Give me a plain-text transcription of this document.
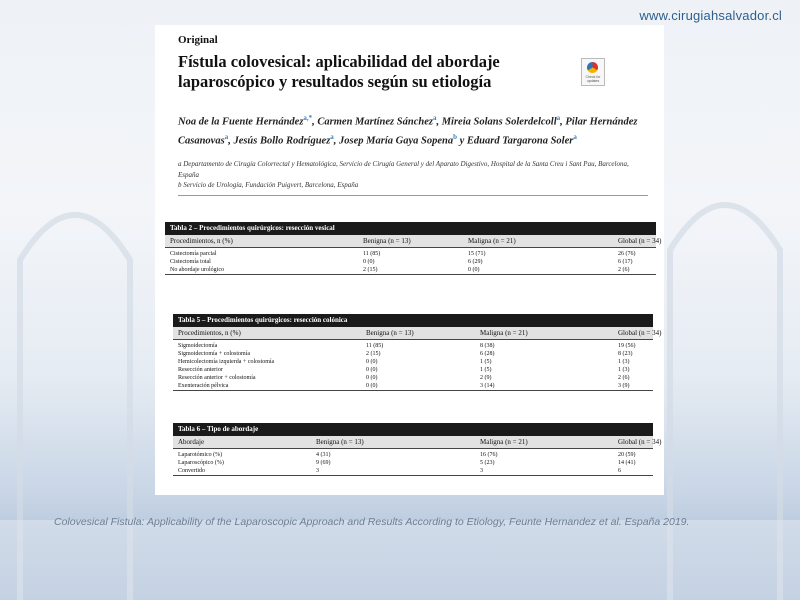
www.cirugiahsalvador.cl
Original
Fístula colovesical: aplicabilidad del abordaje laparoscópico y resultados según su etiología	Check for updates
Noa de la Fuente Hernández$^{a,*}$, Carmen Martínez Sánchez$^a$, Mireia Solans Solerdelcoll$^a$, Pilar Hernández Casanovas$^a$, Jesús Bollo Rodríguez$^a$, Josep María Gaya Sopena$^b$ y Eduard Targarona Soler$^a$
a Departamento de Cirugía Colorrectal y Hematológica, Servicio de Cirugía General y del Aparato Digestivo, Hospital de la Santa Creu i Sant Pau, Barcelona, España
b Servicio de Urología, Fundación Puigvert, Barcelona, España
Tabla 2 – Procedimientos quirúrgicos: resección vesical
Procedimientos, n (%)	Benigna (n = 13)	Maligna (n = 21)	Global (n = 34)
Cistectomía parcial	11 (85)	15 (71)	26 (76)
Cistectomía total	0 (0)	6 (29)	6 (17)
No abordaje urológico	2 (15)	0 (0)	2 (6)
Tabla 5 – Procedimientos quirúrgicos: resección colónica
Procedimientos, n (%)	Benigna (n = 13)	Maligna (n = 21)	Global (n = 34)
Sigmoidectomía	11 (85)	8 (38)	19 (56)
Sigmoidectomía + colostomía	2 (15)	6 (28)	8 (23)
Hemicolectomía izquierda + colostomía	0 (0)	1 (5)	1 (3)
Resección anterior	0 (0)	1 (5)	1 (3)
Resección anterior + colostomía	0 (0)	2 (9)	2 (6)
Exenteración pélvica	0 (0)	3 (14)	3 (9)
Tabla 6 – Tipo de abordaje
Abordaje	Benigna (n = 13)	Maligna (n = 21)	Global (n = 34)
Laparotómico (%)	4 (31)	16 (76)	20 (59)
Laparoscópico (%)	9 (69)	5 (23)	14 (41)
Convertido	3	3	6
Colovesical Fistula: Applicability of the Laparoscopic Approach and Results According to Etiology, Feunte Hernandez et al. España 2019.
